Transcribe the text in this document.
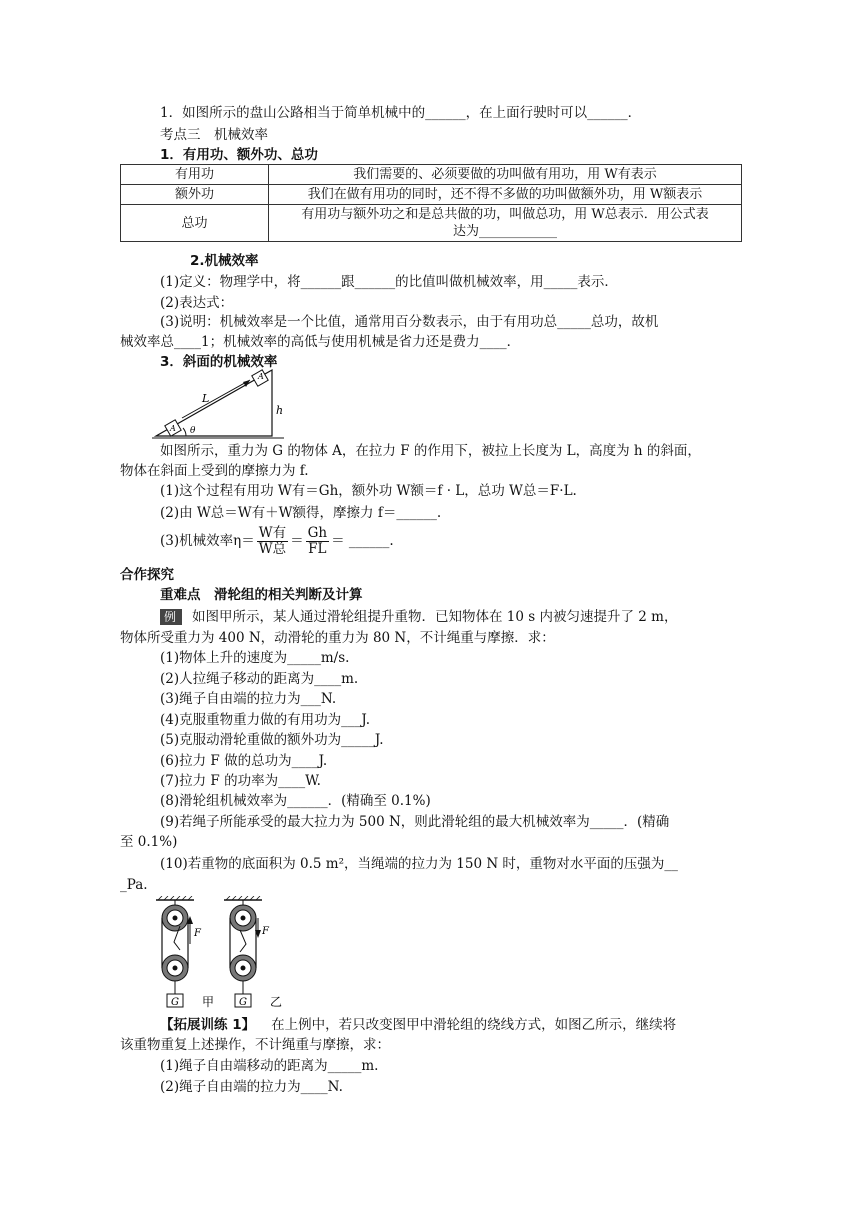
1．如图所示的盘山公路相当于简单机械中的______，在上面行驶时可以______．
考点三　机械效率
1．有用功、额外功、总功
有用功	我们需要的、必须要做的功叫做有用功，用 W有表示
额外功	我们在做有用功的同时，还不得不多做的功叫做额外功，用 W额表示
总功	有用功与额外功之和是总共做的功，叫做总功，用 W总表示．用公式表
达为____________
2.机械效率
(1)定义：物理学中，将______跟______的比值叫做机械效率，用_____表示．
(2)表达式：
(3)说明：机械效率是一个比值，通常用百分数表示，由于有用功总_____总功，故机
械效率总____1；机械效率的高低与使用机械是省力还是费力____．
3．斜面的机械效率
L
h
A
A θ
如图所示，重力为 G 的物体 A，在拉力 F 的作用下，被拉上长度为 L，高度为 h 的斜面，
物体在斜面上受到的摩擦力为 f.
(1)这个过程有用功 W有＝Gh，额外功 W额＝f · L，总功 W总＝F·L.
(2)由 W总＝W有＋W额得，摩擦力 f＝______.
(3)机械效率$\eta= \frac{\text{W有}}{\text{W总}} = \frac{Gh}{FL}$ ＝ ______.
合作探究
重难点　滑轮组的相关判断及计算
例 如图甲所示，某人通过滑轮组提升重物．已知物体在 10 s 内被匀速提升了 2 m，
物体所受重力为 400 N，动滑轮的重力为 80 N，不计绳重与摩擦．求：
(1)物体上升的速度为_____m/s.
(2)人拉绳子移动的距离为____m.
(3)绳子自由端的拉力为___N.
(4)克服重物重力做的有用功为___J.
(5)克服动滑轮重做的额外功为_____J.
(6)拉力 F 做的总功为____J.
(7)拉力 F 的功率为____W.
(8)滑轮组机械效率为______．(精确至 0.1%)
(9)若绳子所能承受的最大拉力为 500 N，则此滑轮组的最大机械效率为_____．(精确
至 0.1%)
(10)若重物的底面积为 0.5 m²，当绳端的拉力为 150 N 时，重物对水平面的压强为__
_Pa.
F
G 甲
F
G 乙
【拓展训练 1】 在上例中，若只改变图甲中滑轮组的绕线方式，如图乙所示，继续将
该重物重复上述操作，不计绳重与摩擦，求：
(1)绳子自由端移动的距离为_____m.
(2)绳子自由端的拉力为____N.
